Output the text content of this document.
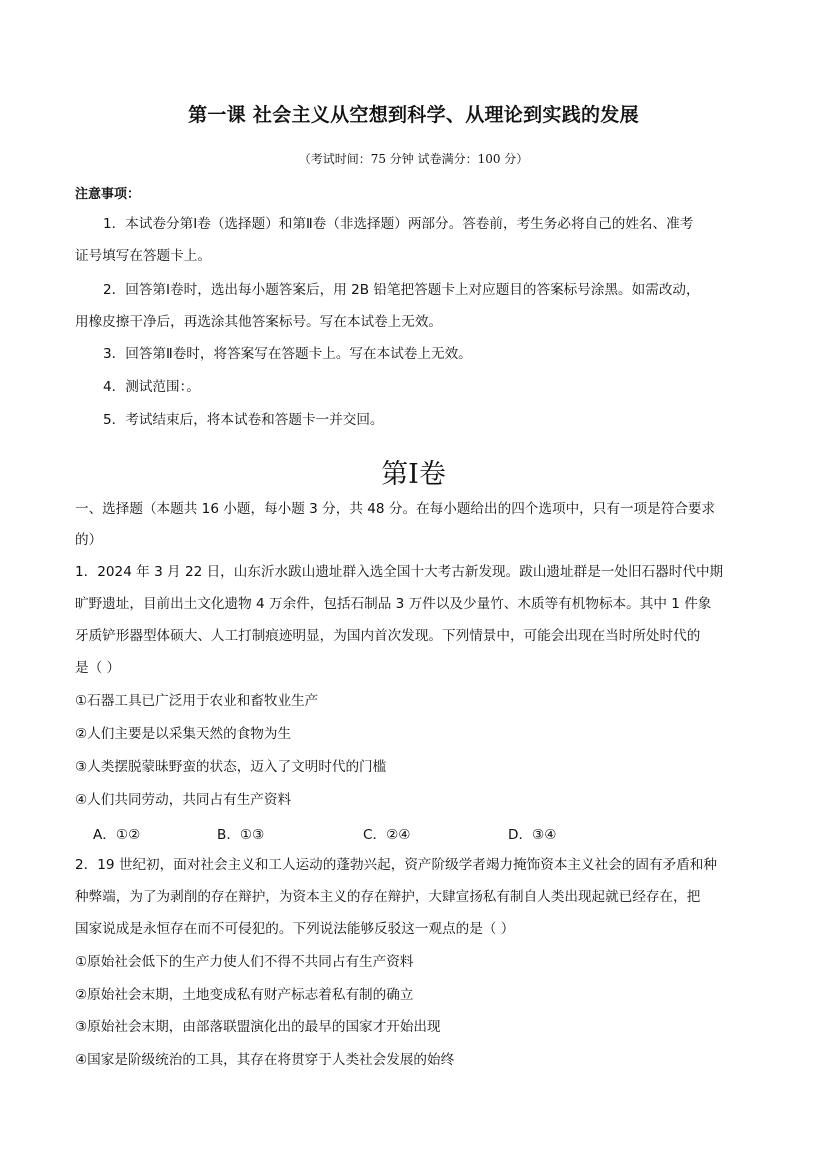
第一课 社会主义从空想到科学、从理论到实践的发展
（考试时间：75 分钟 试卷满分：100 分）
注意事项：
1．本试卷分第Ⅰ卷（选择题）和第Ⅱ卷（非选择题）两部分。答卷前，考生务必将自己的姓名、准考
证号填写在答题卡上。
2．回答第Ⅰ卷时，选出每小题答案后，用 2B 铅笔把答题卡上对应题目的答案标号涂黑。如需改动，
用橡皮擦干净后，再选涂其他答案标号。写在本试卷上无效。
3．回答第Ⅱ卷时，将答案写在答题卡上。写在本试卷上无效。
4．测试范围：。
5．考试结束后，将本试卷和答题卡一并交回。
第Ⅰ卷
一、选择题（本题共 16 小题，每小题 3 分，共 48 分。在每小题给出的四个选项中，只有一项是符合要求
的）
1．2024 年 3 月 22 日，山东沂水跋山遗址群入选全国十大考古新发现。跋山遗址群是一处旧石器时代中期
旷野遗址，目前出土文化遗物 4 万余件，包括石制品 3 万件以及少量竹、木质等有机物标本。其中 1 件象
牙质铲形器型体硕大、人工打制痕迹明显，为国内首次发现。下列情景中，可能会出现在当时所处时代的
是（ ）
①石器工具已广泛用于农业和畜牧业生产
②人们主要是以采集天然的食物为生
③人类摆脱蒙昧野蛮的状态，迈入了文明时代的门槛
④人们共同劳动，共同占有生产资料
A．①②	B．①③	C．②④	D．③④
2．19 世纪初，面对社会主义和工人运动的蓬勃兴起，资产阶级学者竭力掩饰资本主义社会的固有矛盾和种
种弊端，为了为剥削的存在辩护，为资本主义的存在辩护，大肆宣扬私有制自人类出现起就已经存在，把
国家说成是永恒存在而不可侵犯的。下列说法能够反驳这一观点的是（ ）
①原始社会低下的生产力使人们不得不共同占有生产资料
②原始社会末期，土地变成私有财产标志着私有制的确立
③原始社会末期，由部落联盟演化出的最早的国家才开始出现
④国家是阶级统治的工具，其存在将贯穿于人类社会发展的始终
